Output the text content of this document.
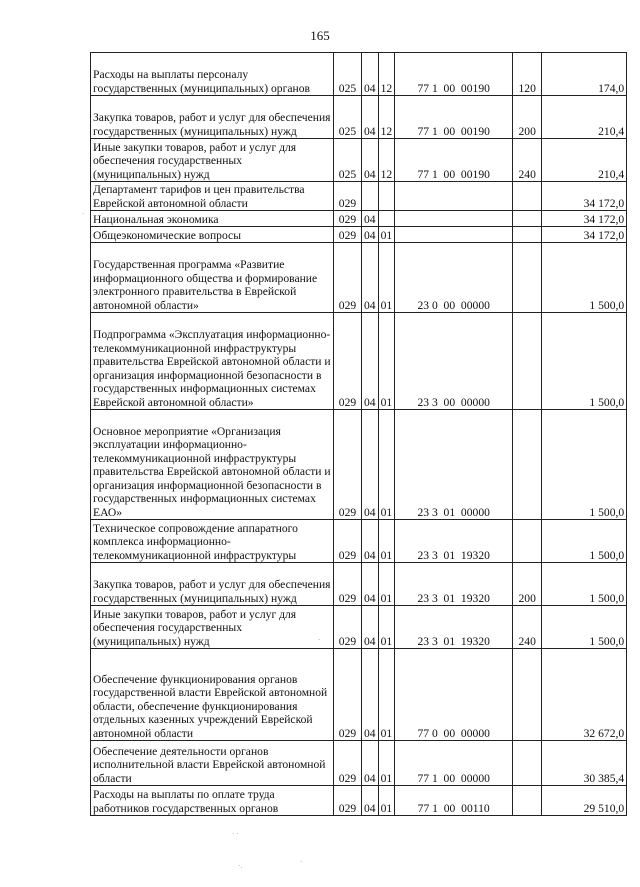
165
Расходы на выплаты персоналу государственных (муниципальных) органов	025	04	12	77 1  00  00190	120	174,0
Закупка товаров, работ и услуг для обеспечения государственных (муниципальных) нужд	025	04	12	77 1  00  00190	200	210,4
Иные закупки товаров, работ и услуг для обеспечения государственных (муниципальных) нужд	025	04	12	77 1  00  00190	240	210,4
Департамент тарифов и цен правительства Еврейской автономной области	029					34 172,0
Национальная экономика	029	04				34 172,0
Общеэкономические вопросы	029	04	01			34 172,0
Государственная программа «Развитие информационного общества и формирование электронного правительства в Еврейской автономной области»	029	04	01	23 0  00  00000		1 500,0
Подпрограмма «Эксплуатация информационно-телекоммуникационной инфраструктуры правительства Еврейской автономной области и организация информационной безопасности в государственных информационных системах Еврейской автономной области»	029	04	01	23 3  00  00000		1 500,0
Основное мероприятие «Организация эксплуатации информационно-телекоммуникационной инфраструктуры правительства Еврейской автономной области и организация информационной безопасности в государственных информационных системах ЕАО»	029	04	01	23 3  01  00000		1 500,0
Техническое сопровождение аппаратного комплекса информационно-телекоммуникационной инфраструктуры	029	04	01	23 3  01  19320		1 500,0
Закупка товаров, работ и услуг для обеспечения государственных (муниципальных) нужд	029	04	01	23 3  01  19320	200	1 500,0
Иные закупки товаров, работ и услуг для обеспечения государственных (муниципальных) нужд	029	04	01	23 3  01  19320	240	1 500,0
Обеспечение функционирования органов государственной власти Еврейской автономной области, обеспечение функционирования отдельных казенных учреждений Еврейской автономной области	029	04	01	77 0  00  00000		32 672,0
Обеспечение деятельности органов исполнительной власти Еврейской автономной области	029	04	01	77 1  00  00000		30 385,4
Расходы на выплаты по оплате труда работников государственных органов	029	04	01	77 1  00  00110		29 510,0
·
·
· ·
·.	·
